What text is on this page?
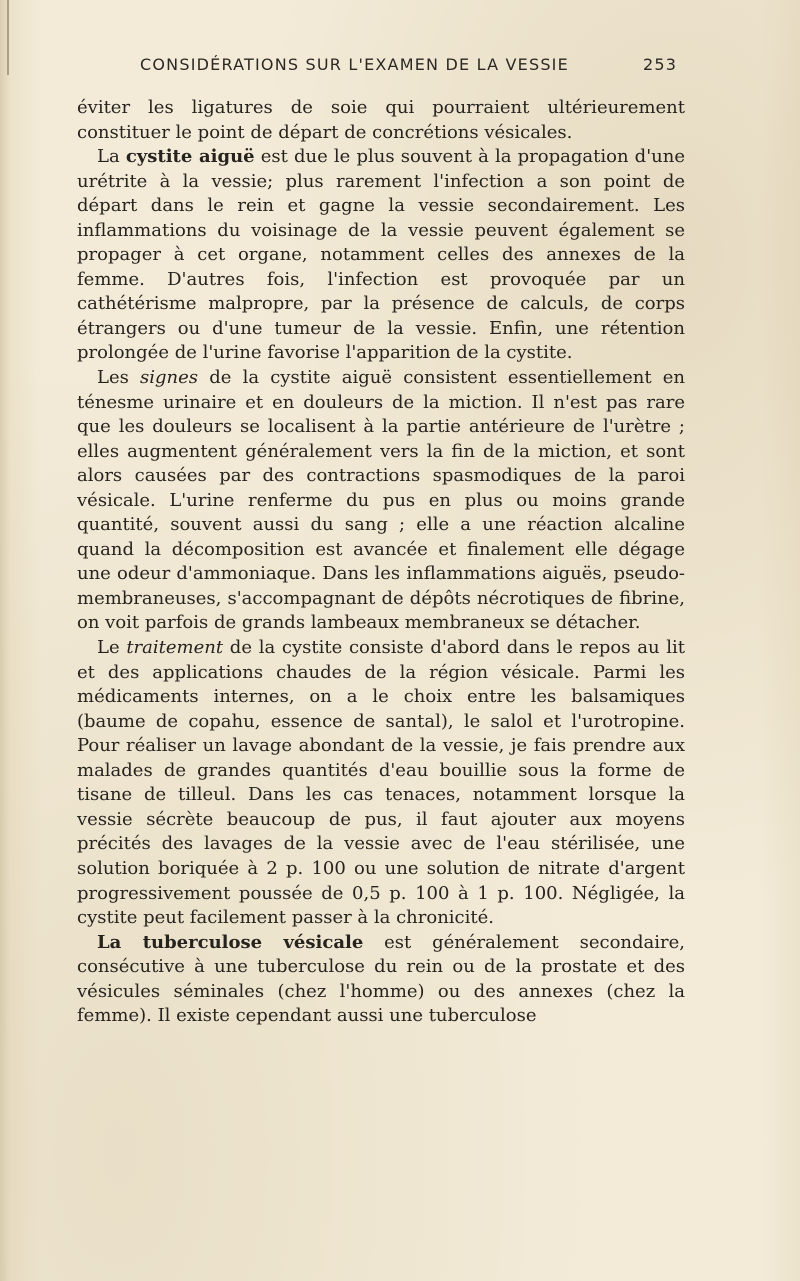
CONSIDÉRATIONS SUR L'EXAMEN DE LA VESSIE	253

éviter les ligatures de soie qui pourraient ultérieurement constituer le point de départ de concrétions vésicales.

La cystite aiguë est due le plus souvent à la propagation d'une urétrite à la vessie; plus rarement l'infection a son point de départ dans le rein et gagne la vessie secondairement. Les inflammations du voisinage de la vessie peuvent également se propager à cet organe, notamment celles des annexes de la femme. D'autres fois, l'infection est provoquée par un cathétérisme malpropre, par la présence de calculs, de corps étrangers ou d'une tumeur de la vessie. Enfin, une rétention prolongée de l'urine favorise l'apparition de la cystite.

Les signes de la cystite aiguë consistent essentiellement en ténesme urinaire et en douleurs de la miction. Il n'est pas rare que les douleurs se localisent à la partie antérieure de l'urètre ; elles augmentent généralement vers la fin de la miction, et sont alors causées par des contractions spasmodiques de la paroi vésicale. L'urine renferme du pus en plus ou moins grande quantité, souvent aussi du sang ; elle a une réaction alcaline quand la décomposition est avancée et finalement elle dégage une odeur d'ammoniaque. Dans les inflammations aiguës, pseudo-membraneuses, s'accompagnant de dépôts nécrotiques de fibrine, on voit parfois de grands lambeaux membraneux se détacher.

Le traitement de la cystite consiste d'abord dans le repos au lit et des applications chaudes de la région vésicale. Parmi les médicaments internes, on a le choix entre les balsamiques (baume de copahu, essence de santal), le salol et l'urotropine. Pour réaliser un lavage abondant de la vessie, je fais prendre aux malades de grandes quantités d'eau bouillie sous la forme de tisane de tilleul. Dans les cas tenaces, notamment lorsque la vessie sécrète beaucoup de pus, il faut ajouter aux moyens précités des lavages de la vessie avec de l'eau stérilisée, une solution boriquée à 2 p. 100 ou une solution de nitrate d'argent progressivement poussée de 0,5 p. 100 à 1 p. 100. Négligée, la cystite peut facilement passer à la chronicité.

La tuberculose vésicale est généralement secondaire, consécutive à une tuberculose du rein ou de la prostate et des vésicules séminales (chez l'homme) ou des annexes (chez la femme). Il existe cependant aussi une tuberculose
